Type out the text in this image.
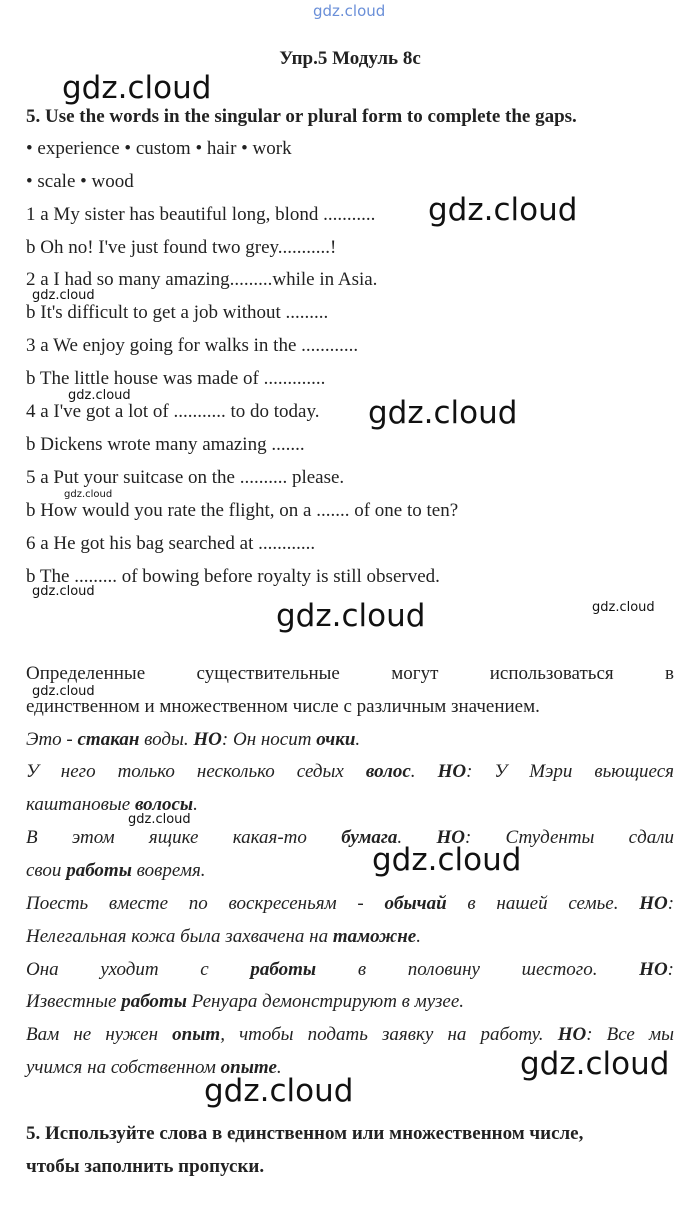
gdz.cloud
gdz.cloud
gdz.cloud
gdz.cloud
gdz.cloud	gdz.cloud
gdz.cloud
gdz.cloud
gdz.cloud	gdz.cloud
gdz.cloud
gdz.cloud
gdz.cloud
gdz.cloud
gdz.cloud
Упр.5 Модуль 8с
5. Use the words in the singular or plural form to complete the gaps.
• experience • custom • hair • work
• scale • wood
1 a My sister has beautiful long, blond ...........
b Oh no! I've just found two grey...........!
2 a I had so many amazing.........while in Asia.
b It's difficult to get a job without .........
3 a We enjoy going for walks in the ............
b The little house was made of .............
4 a I've got a lot of ........... to do today.
b Dickens wrote many amazing .......
5 a Put your suitcase on the .......... please.
b How would you rate the flight, on a ....... of one to ten?
6 a He got his bag searched at ............
b The ......... of bowing before royalty is still observed.
Определенные существительные могут использоваться в
единственном и множественном числе с различным значением.
Это - стакан воды. НО: Он носит очки.
У него только несколько седых волос. НО: У Мэри вьющиеся
каштановые волосы.
В этом ящике какая-то бумага. НО: Студенты сдали
свои работы вовремя.
Поесть вместе по воскресеньям - обычай в нашей семье. НО:
Нелегальная кожа была захвачена на таможне.
Она уходит с работы в половину шестого. НО:
Известные работы Ренуара демонстрируют в музее.
Вам не нужен опыт, чтобы подать заявку на работу. НО: Все мы
учимся на собственном опыте.
5. Используйте слова в единственном или множественном числе,
чтобы заполнить пропуски.
